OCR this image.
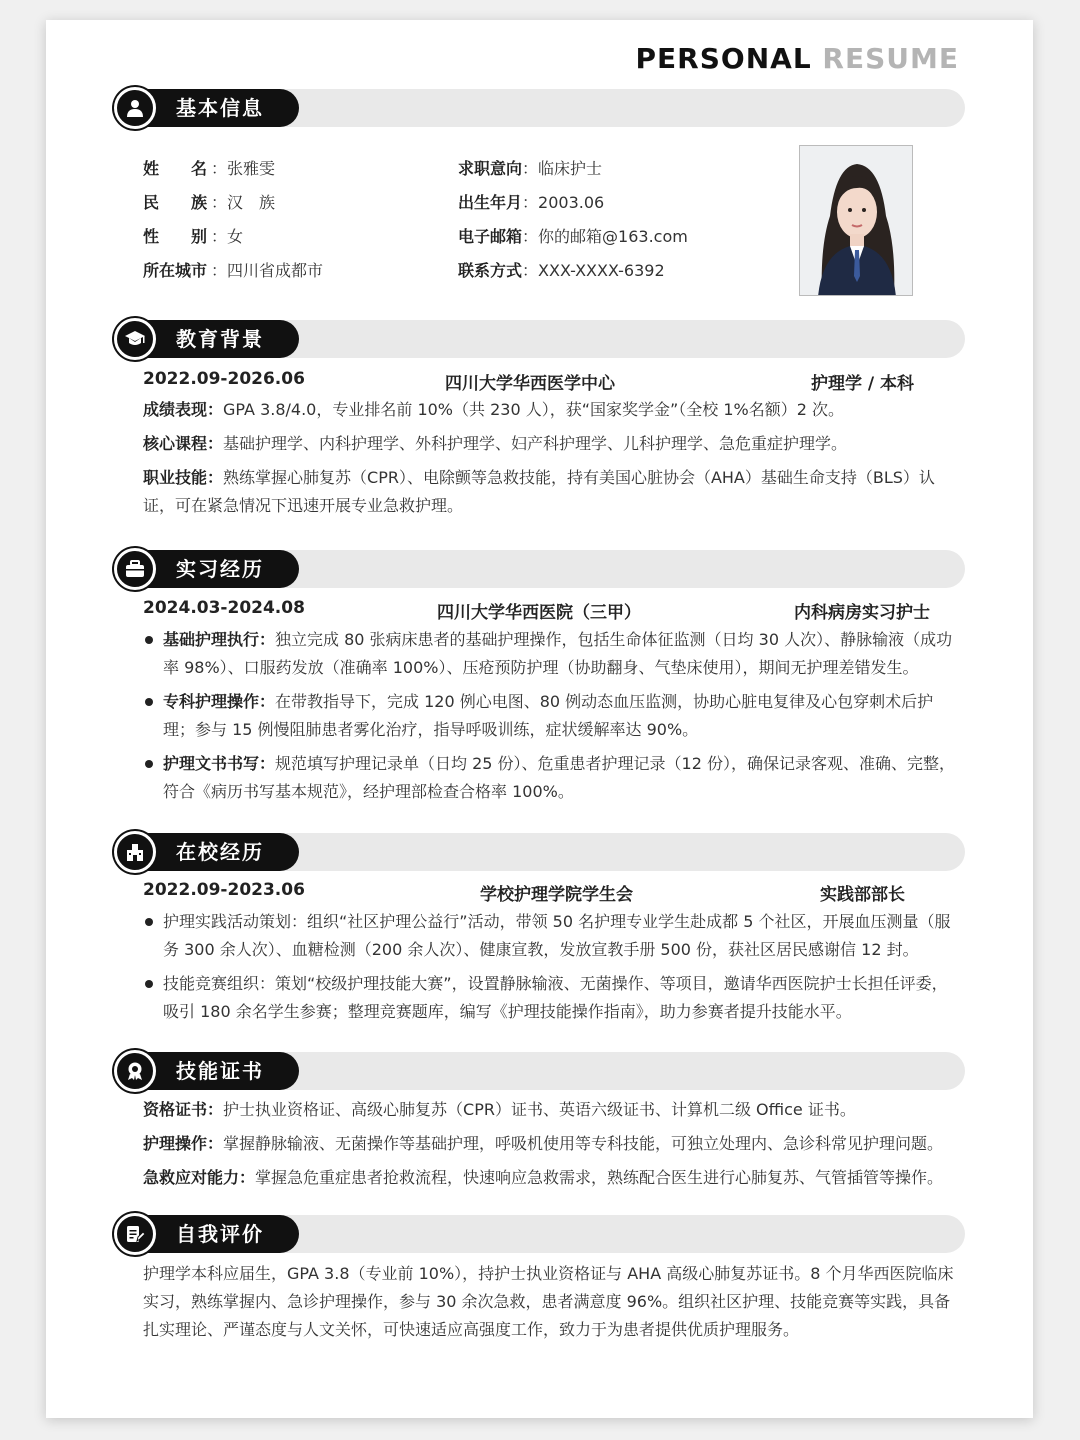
PERSONAL RESUME
基本信息
姓　　名 ：张雅雯
民　　族 ：汉　族
性　　别 ：女
所在城市 ：四川省成都市
求职意向：临床护士
出生年月：2003.06
电子邮箱：你的邮箱@163.com
联系方式：XXX-XXXX-6392
教育背景
2022.09-2026.06	四川大学华西医学中心	护理学 / 本科

成绩表现：GPA 3.8/4.0，专业排名前 10%（共 230 人），获“国家奖学金”（全校 1%名额）2 次。

核心课程：基础护理学、内科护理学、外科护理学、妇产科护理学、儿科护理学、急危重症护理学。

职业技能：熟练掌握心肺复苏（CPR）、电除颤等急救技能，持有美国心脏协会（AHA）基础生命支持（BLS）认证，可在紧急情况下迅速开展专业急救护理。

实习经历
2024.03-2024.08	四川大学华西医院（三甲）	内科病房实习护士

基础护理执行：独立完成 80 张病床患者的基础护理操作，包括生命体征监测（日均 30 人次）、静脉输液（成功率 98%）、口服药发放（准确率 100%）、压疮预防护理（协助翻身、气垫床使用），期间无护理差错发生。

专科护理操作：在带教指导下，完成 120 例心电图、80 例动态血压监测，协助心脏电复律及心包穿刺术后护理；参与 15 例慢阻肺患者雾化治疗，指导呼吸训练，症状缓解率达 90%。

护理文书书写：规范填写护理记录单（日均 25 份）、危重患者护理记录（12 份），确保记录客观、准确、完整，符合《病历书写基本规范》，经护理部检查合格率 100%。

在校经历
2022.09-2023.06	学校护理学院学生会	实践部部长

护理实践活动策划：组织“社区护理公益行”活动，带领 50 名护理专业学生赴成都 5 个社区，开展血压测量（服务 300 余人次）、血糖检测（200 余人次）、健康宣教，发放宣教手册 500 份，获社区居民感谢信 12 封。

技能竞赛组织：策划“校级护理技能大赛”，设置静脉输液、无菌操作、等项目，邀请华西医院护士长担任评委，吸引 180 余名学生参赛；整理竞赛题库，编写《护理技能操作指南》，助力参赛者提升技能水平。

技能证书

资格证书：护士执业资格证、高级心肺复苏（CPR）证书、英语六级证书、计算机二级 Office 证书。

护理操作：掌握静脉输液、无菌操作等基础护理，呼吸机使用等专科技能，可独立处理内、急诊科常见护理问题。

急救应对能力：掌握急危重症患者抢救流程，快速响应急救需求，熟练配合医生进行心肺复苏、气管插管等操作。

自我评价

护理学本科应届生，GPA 3.8（专业前 10%），持护士执业资格证与 AHA 高级心肺复苏证书。8 个月华西医院临床实习，熟练掌握内、急诊护理操作，参与 30 余次急救，患者满意度 96%。组织社区护理、技能竞赛等实践，具备扎实理论、严谨态度与人文关怀，可快速适应高强度工作，致力于为患者提供优质护理服务。
